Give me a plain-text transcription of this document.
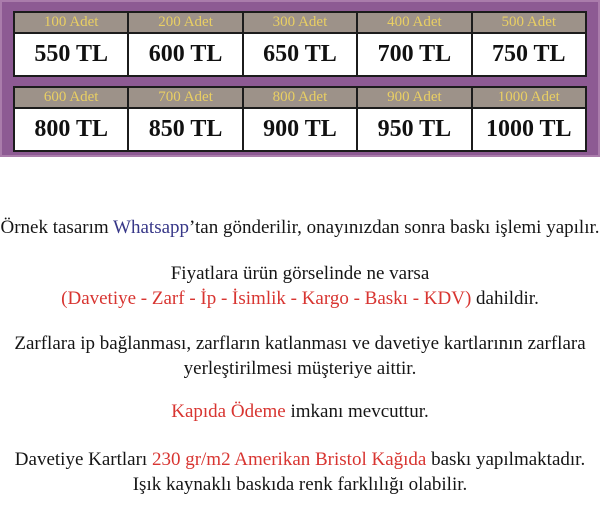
100 Adet	200 Adet	300 Adet	400 Adet	500 Adet
550 TL	600 TL	650 TL	700 TL	750 TL
600 Adet	700 Adet	800 Adet	900 Adet	1000 Adet
800 TL	850 TL	900 TL	950 TL	1000 TL

Örnek tasarım Whatsapp’tan gönderilir, onayınızdan sonra baskı işlemi yapılır.

Fiyatlara ürün görselinde ne varsa
(Davetiye - Zarf - İp - İsimlik - Kargo - Baskı - KDV) dahildir.

Zarflara ip bağlanması, zarfların katlanması ve davetiye kartlarının zarflara
yerleştirilmesi müşteriye aittir.

Kapıda Ödeme imkanı mevcuttur.

Davetiye Kartları 230 gr/m2 Amerikan Bristol Kağıda baskı yapılmaktadır.
Işık kaynaklı baskıda renk farklılığı olabilir.
